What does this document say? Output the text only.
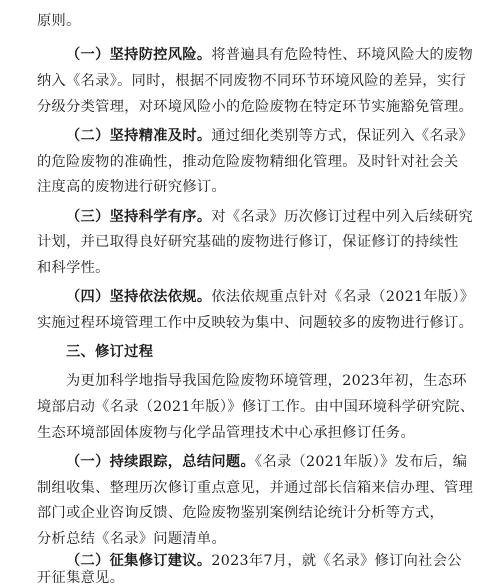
原则。
（一）坚持防控风险。将普遍具有危险特性、环境风险大的废物
纳入《名录》。同时，根据不同废物不同环节环境风险的差异，实行
分级分类管理，对环境风险小的危险废物在特定环节实施豁免管理。
（二）坚持精准及时。通过细化类别等方式，保证列入《名录》
的危险废物的准确性，推动危险废物精细化管理。及时针对社会关
注度高的废物进行研究修订。
（三）坚持科学有序。对《名录》历次修订过程中列入后续研究
计划，并已取得良好研究基础的废物进行修订，保证修订的持续性
和科学性。
（四）坚持依法依规。依法依规重点针对《名录（2021年版）》
实施过程环境管理工作中反映较为集中、问题较多的废物进行修订。
三、修订过程
为更加科学地指导我国危险废物环境管理，2023年初，生态环
境部启动《名录（2021年版）》修订工作。由中国环境科学研究院、
生态环境部固体废物与化学品管理技术中心承担修订任务。
（一）持续跟踪，总结问题。《名录（2021年版）》发布后，编
制组收集、整理历次修订重点意见，并通过部长信箱来信办理、管理
部门或企业咨询反馈、危险废物鉴别案例结论统计分析等方式，
分析总结《名录》问题清单。
（二）征集修订建议。2023年7月，就《名录》修订向社会公
开征集意见。
